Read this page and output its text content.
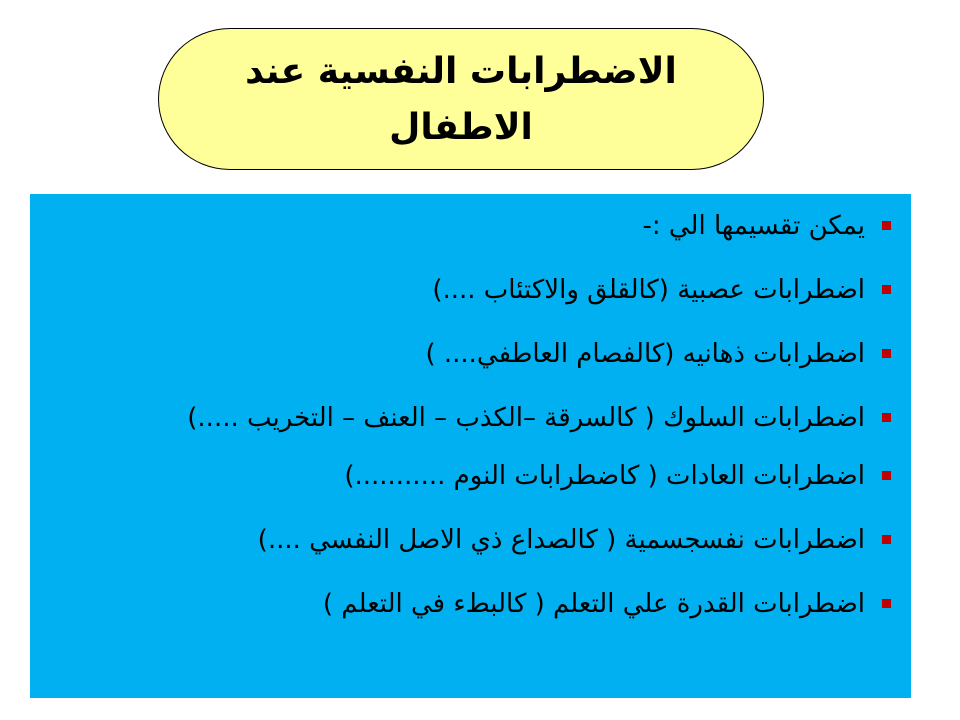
الاضطرابات النفسية عند الاطفال
يمكن تقسيمها الي :-
اضطرابات عصبية (كالقلق والاكتئاب ....)
اضطرابات ذهانيه (كالفصام العاطفي.... )
اضطرابات السلوك ( كالسرقة –الكذب – العنف – التخريب .....)
اضطرابات العادات ( كاضطرابات النوم ...........)
اضطرابات نفسجسمية ( كالصداع ذي الاصل النفسي ....)
اضطرابات القدرة علي التعلم ( كالبطء في التعلم )
